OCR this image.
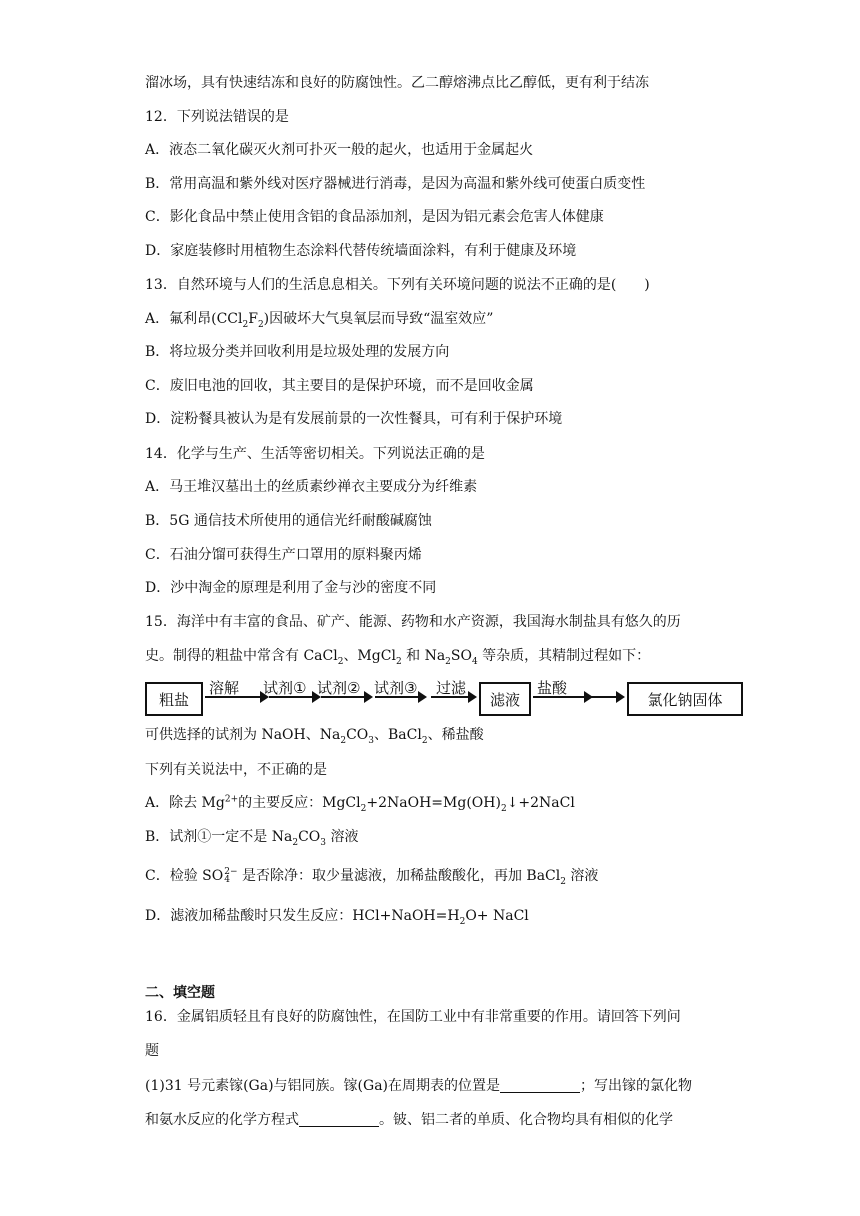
溜冰场，具有快速结冻和良好的防腐蚀性。乙二醇熔沸点比乙醇低，更有利于结冻
12．下列说法错误的是
A．液态二氧化碳灭火剂可扑灭一般的起火，也适用于金属起火
B．常用高温和紫外线对医疗器械进行消毒，是因为高温和紫外线可使蛋白质变性
C．影化食品中禁止使用含铝的食品添加剂，是因为铝元素会危害人体健康
D．家庭装修时用植物生态涂料代替传统墙面涂料，有利于健康及环境
13．自然环境与人们的生活息息相关。下列有关环境问题的说法不正确的是(　　)
A．氟利昂$(CCl_2F_2)$因破坏大气臭氧层而导致“温室效应”
B．将垃圾分类并回收利用是垃圾处理的发展方向
C．废旧电池的回收，其主要目的是保护环境，而不是回收金属
D．淀粉餐具被认为是有发展前景的一次性餐具，可有利于保护环境
14．化学与生产、生活等密切相关。下列说法正确的是
A．马王堆汉墓出土的丝质素纱禅衣主要成分为纤维素
B．5G 通信技术所使用的通信光纤耐酸碱腐蚀
C．石油分馏可获得生产口罩用的原料聚丙烯
D．沙中淘金的原理是利用了金与沙的密度不同
15．海洋中有丰富的食品、矿产、能源、药物和水产资源，我国海水制盐具有悠久的历
史。制得的粗盐中常含有 CaCl$_2$、MgCl$_2$ 和 $Na_2SO_4$ 等杂质，其精制过程如下：
粗盐
溶解 试剂① 试剂② 试剂③ 过滤
滤液
盐酸
氯化钠固体
可供选择的试剂为 NaOH、$Na_2CO_3$、BaCl$_2$、稀盐酸
下列有关说法中，不正确的是
A．除去 $Mg^{2+}$的主要反应：$MgCl_2+2NaOH=Mg(OH)_2↓+2NaCl$
B．试剂①一定不是 $Na_2CO_3$ 溶液
C．检验 SO 2−
4 是否除净：取少量滤液，加稀盐酸酸化，再加 BaCl$_2$ 溶液
D．滤液加稀盐酸时只发生反应：$HCl+NaOH=H_2O+$ NaCl
二、填空题
16．金属铝质轻且有良好的防腐蚀性，在国防工业中有非常重要的作用。请回答下列问
题
(1)31 号元素镓(Ga)与铝同族。镓(Ga)在周期表的位置是	；写出镓的氯化物
和氨水反应的化学方程式	。铍、铝二者的单质、化合物均具有相似的化学
